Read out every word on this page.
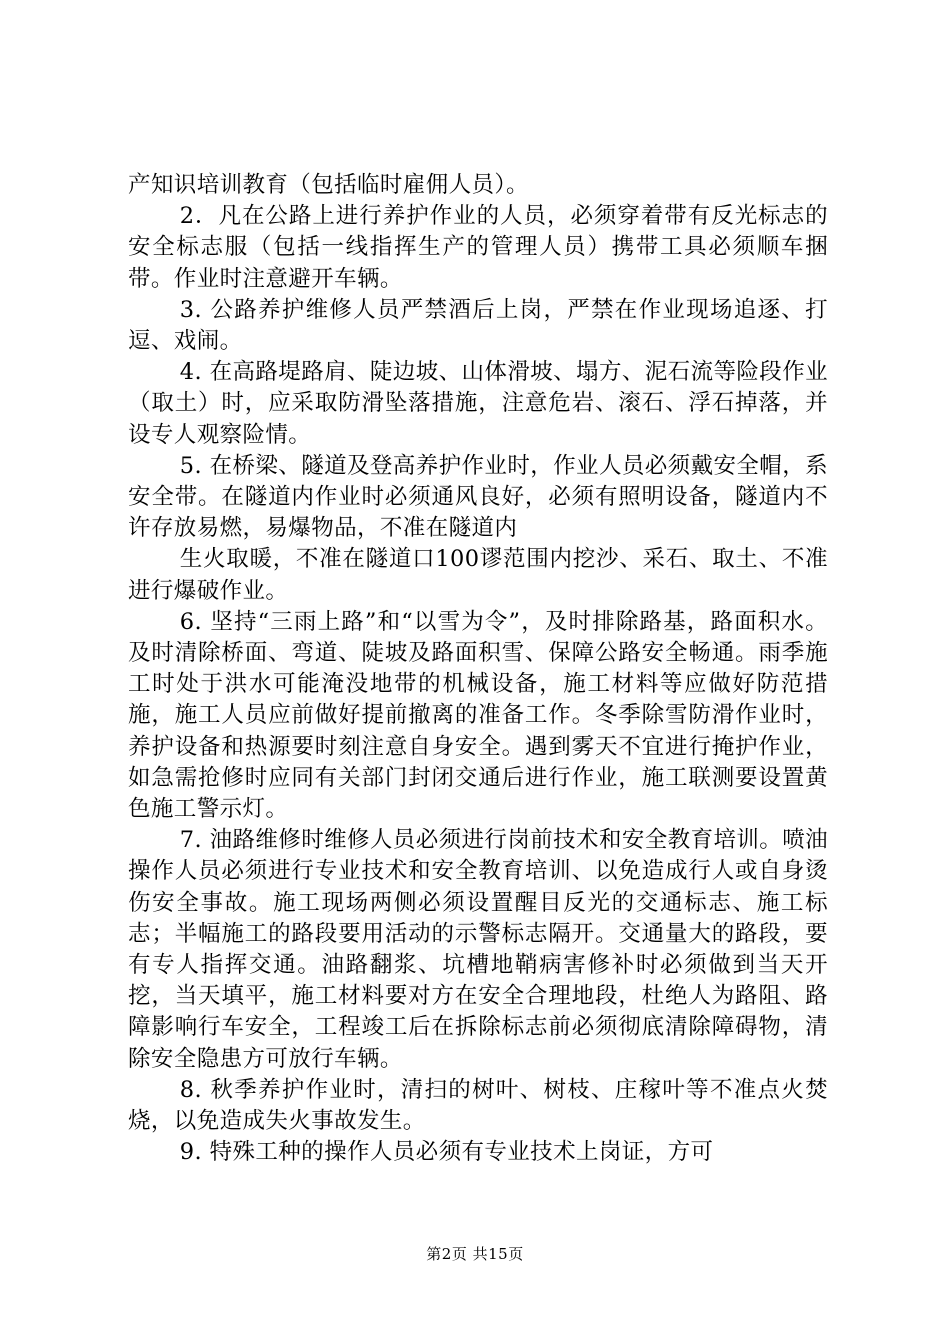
产知识培训教育（包括临时雇佣人员）。

2．凡在公路上进行养护作业的人员，必须穿着带有反光标志的安全标志服（包括一线指挥生产的管理人员）携带工具必须顺车捆带。作业时注意避开车辆。

3. 公路养护维修人员严禁酒后上岗，严禁在作业现场追逐、打逗、戏闹。

4. 在高路堤路肩、陡边坡、山体滑坡、塌方、泥石流等险段作业（取土）时，应采取防滑坠落措施，注意危岩、滚石、浮石掉落，并设专人观察险情。

5. 在桥梁、隧道及登高养护作业时，作业人员必须戴安全帽，系安全带。在隧道内作业时必须通风良好，必须有照明设备，隧道内不许存放易燃，易爆物品，不准在隧道内

生火取暖，不准在隧道口100谬范围内挖沙、采石、取土、不准进行爆破作业。

6. 坚持“三雨上路”和“以雪为令”，及时排除路基，路面积水。及时清除桥面、弯道、陡坡及路面积雪、保障公路安全畅通。雨季施工时处于洪水可能淹没地带的机械设备，施工材料等应做好防范措施，施工人员应前做好提前撤离的准备工作。冬季除雪防滑作业时，养护设备和热源要时刻注意自身安全。遇到雾天不宜进行掩护作业，如急需抢修时应同有关部门封闭交通后进行作业，施工联测要设置黄色施工警示灯。

7. 油路维修时维修人员必须进行岗前技术和安全教育培训。喷油操作人员必须进行专业技术和安全教育培训、以免造成行人或自身烫伤安全事故。施工现场两侧必须设置醒目反光的交通标志、施工标志；半幅施工的路段要用活动的示警标志隔开。交通量大的路段，要有专人指挥交通。油路翻浆、坑槽地鞘病害修补时必须做到当天开挖，当天填平，施工材料要对方在安全合理地段，杜绝人为路阻、路障影响行车安全，工程竣工后在拆除标志前必须彻底清除障碍物，清除安全隐患方可放行车辆。

8. 秋季养护作业时，清扫的树叶、树枝、庄稼叶等不准点火焚烧，以免造成失火事故发生。

9. 特殊工种的操作人员必须有专业技术上岗证，方可

第2页 共15页
